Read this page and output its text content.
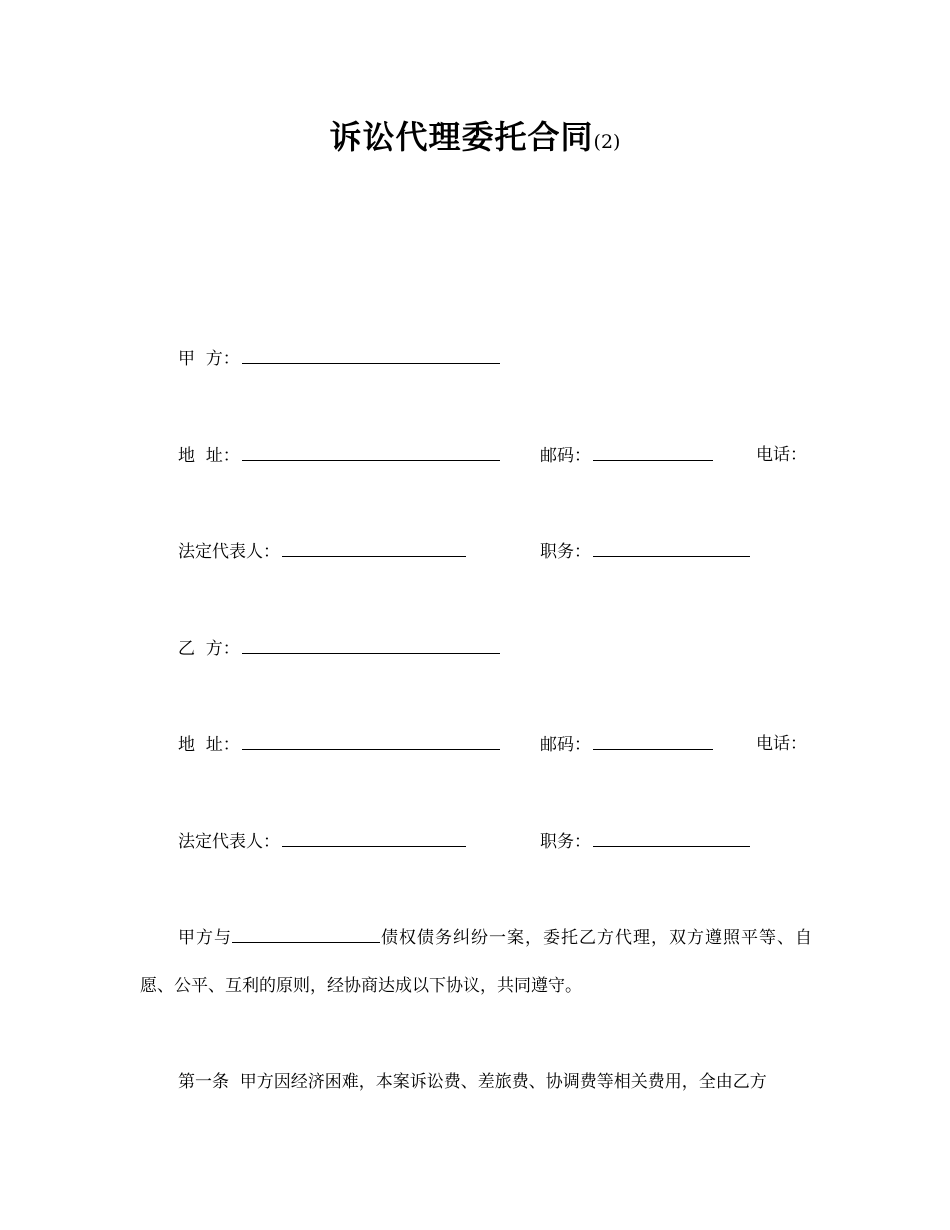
诉讼代理委托合同(2)
甲  方：
地  址：	邮码：	电话：
法定代表人：	职务：
乙  方：
地  址：	邮码：	电话：
法定代表人：	职务：
甲方与	债权债务纠纷一案，委托乙方代理，双方遵照平等、自愿、公平、互利的原则，经协商达成以下协议，共同遵守。
第一条  甲方因经济困难，本案诉讼费、差旅费、协调费等相关费用，全由乙方
